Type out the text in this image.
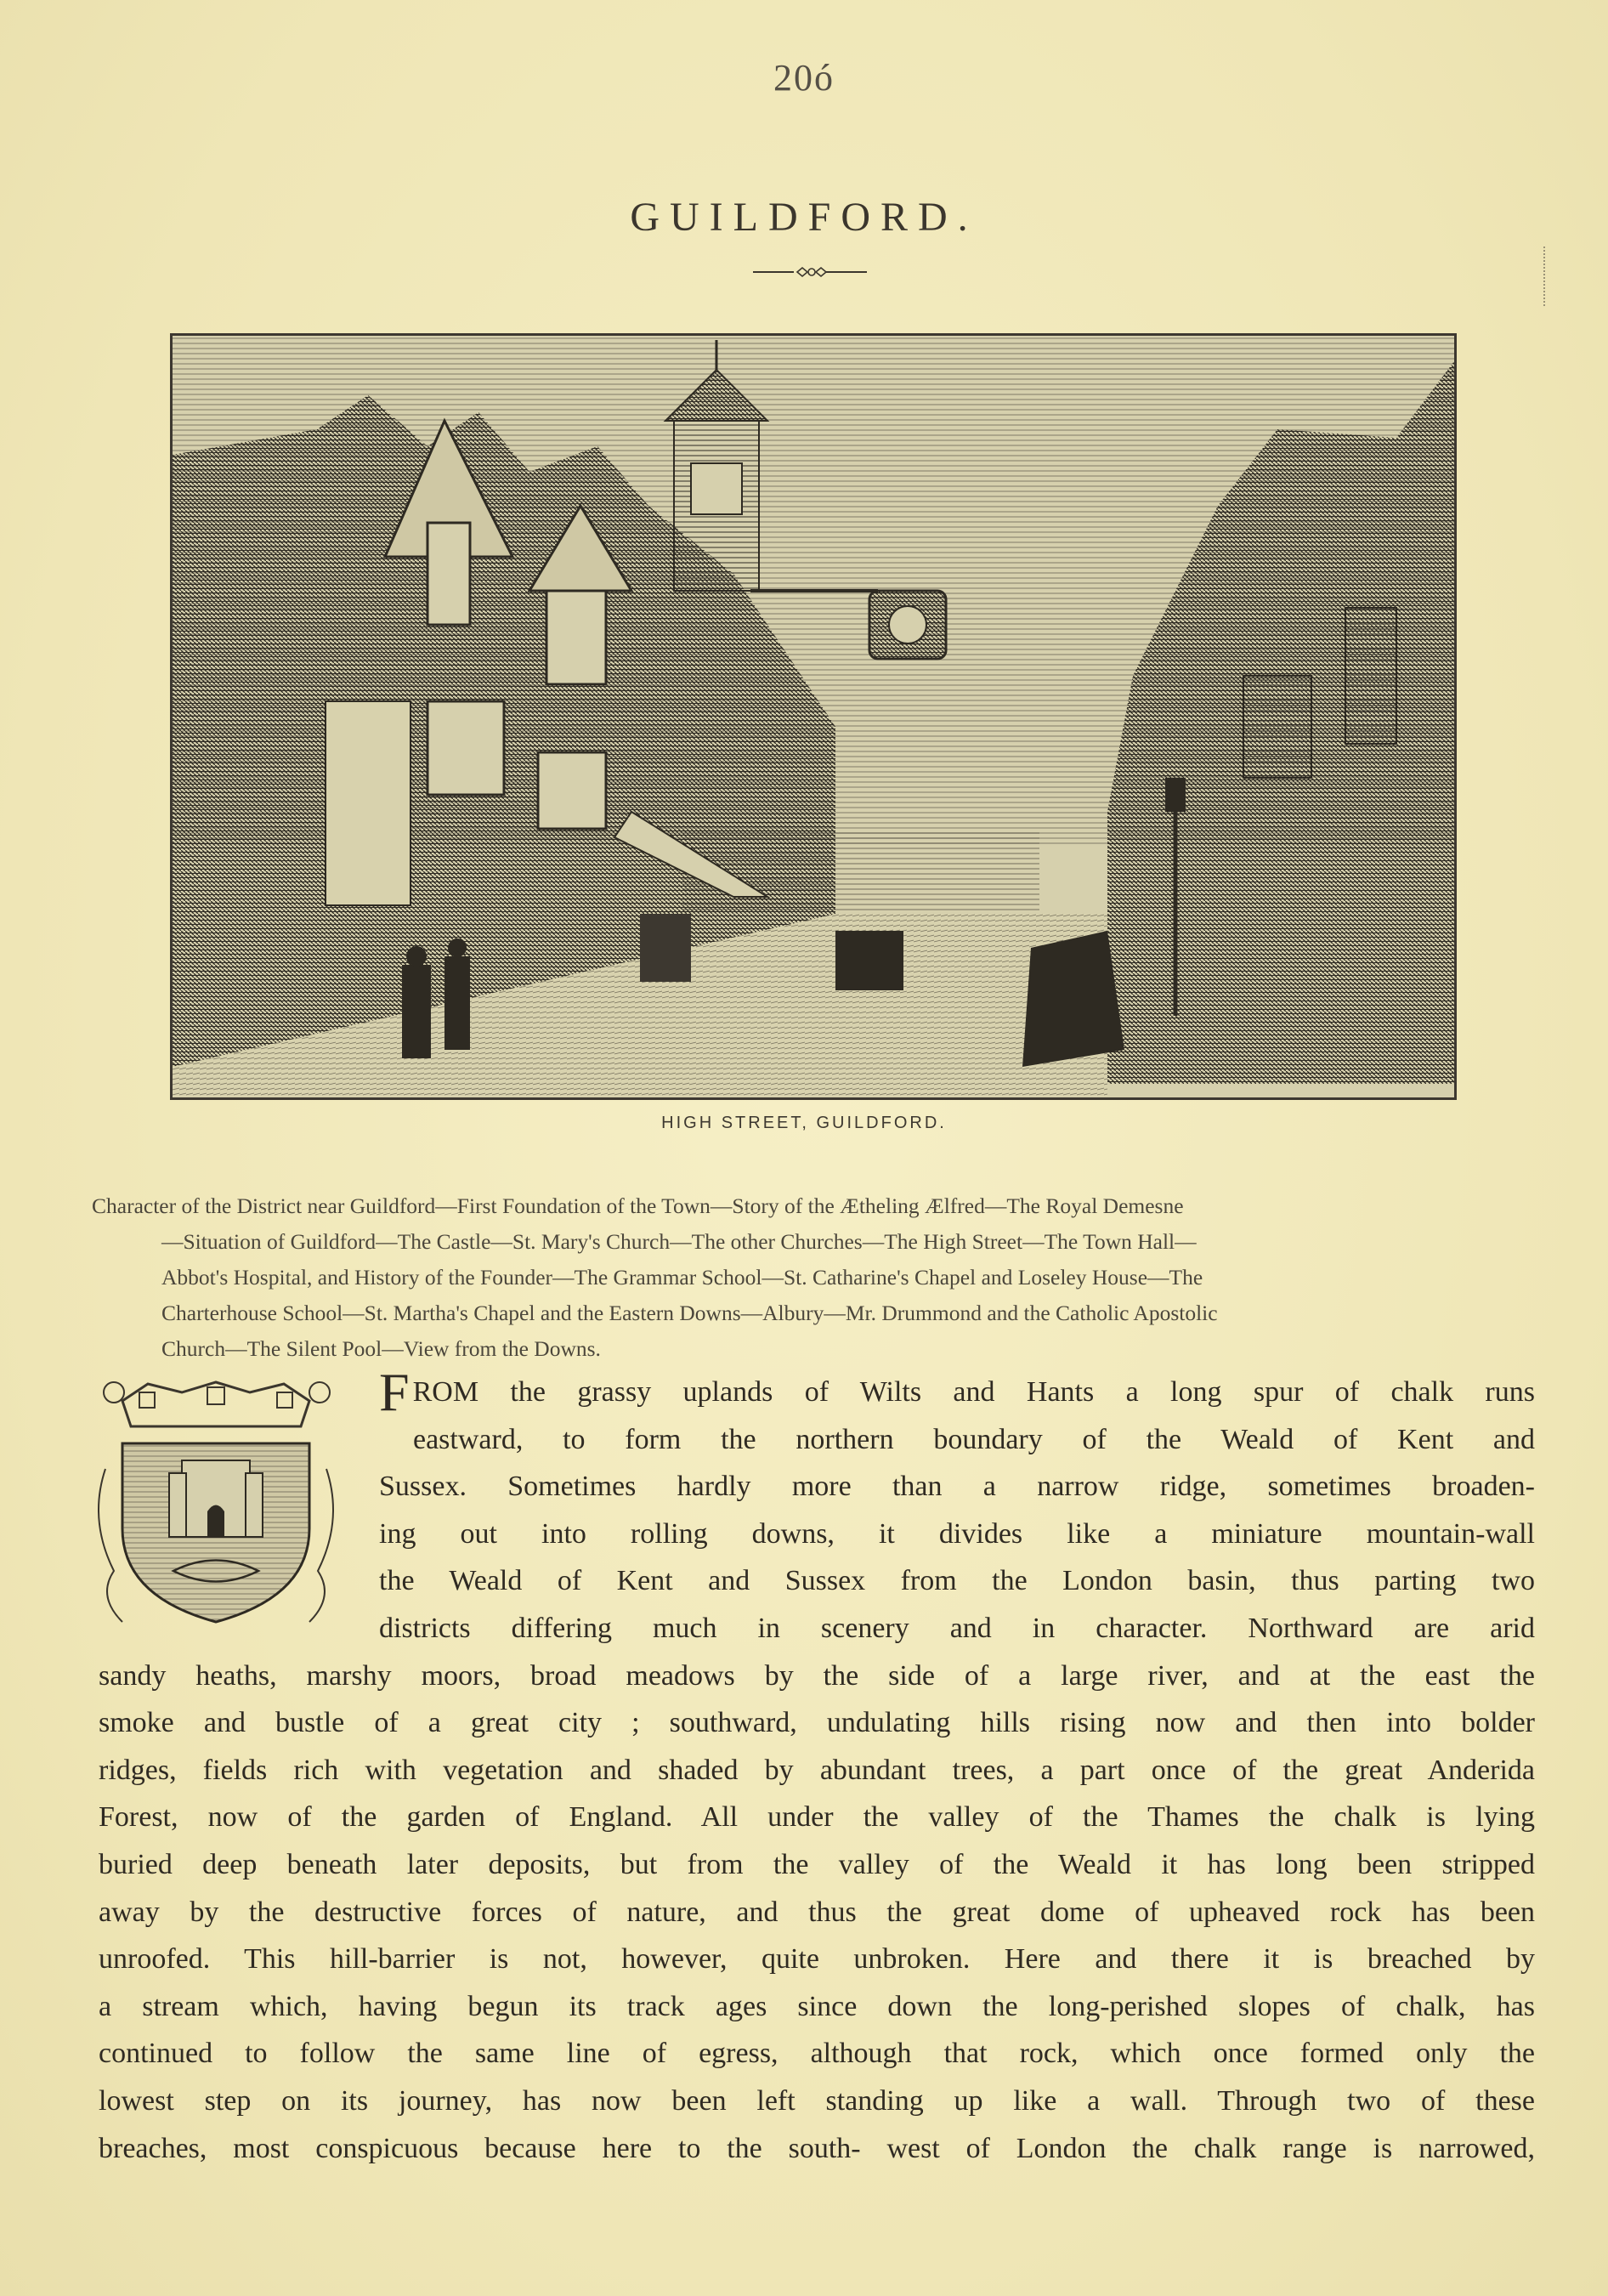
20ó
GUILDFORD.
HIGH STREET, GUILDFORD.
Character of the District near Guildford—First Foundation of the Town—Story of the Ætheling Ælfred—The Royal Demesne
—Situation of Guildford—The Castle—St. Mary's Church—The other Churches—The High Street—The Town Hall—
Abbot's Hospital, and History of the Founder—The Grammar School—St. Catharine's Chapel and Loseley House—The
Charterhouse School—St. Martha's Chapel and the Eastern Downs—Albury—Mr. Drummond and the Catholic Apostolic
Church—The Silent Pool—View from the Downs.
FROM the grassy uplands of Wilts and Hants a long spur of chalk runs
eastward, to form the northern boundary of the Weald of Kent and
Sussex. Sometimes hardly more than a narrow ridge, sometimes broaden-
ing out into rolling downs, it divides like a miniature mountain-wall
the Weald of Kent and Sussex from the London basin, thus parting two
districts differing much in scenery and in character. Northward are arid
sandy heaths, marshy moors, broad meadows by the side of a large river, and at the east the
smoke and bustle of a great city ; southward, undulating hills rising now and then into bolder
ridges, fields rich with vegetation and shaded by abundant trees, a part once of the great Anderida
Forest, now of the garden of England. All under the valley of the Thames the chalk is lying
buried deep beneath later deposits, but from the valley of the Weald it has long been stripped
away by the destructive forces of nature, and thus the great dome of upheaved rock has been
unroofed. This hill-barrier is not, however, quite unbroken. Here and there it is breached by
a stream which, having begun its track ages since down the long-perished slopes of chalk, has
continued to follow the same line of egress, although that rock, which once formed only the
lowest step on its journey, has now been left standing up like a wall. Through two of these
breaches, most conspicuous because here to the south- west of London the chalk range is narrowed,
